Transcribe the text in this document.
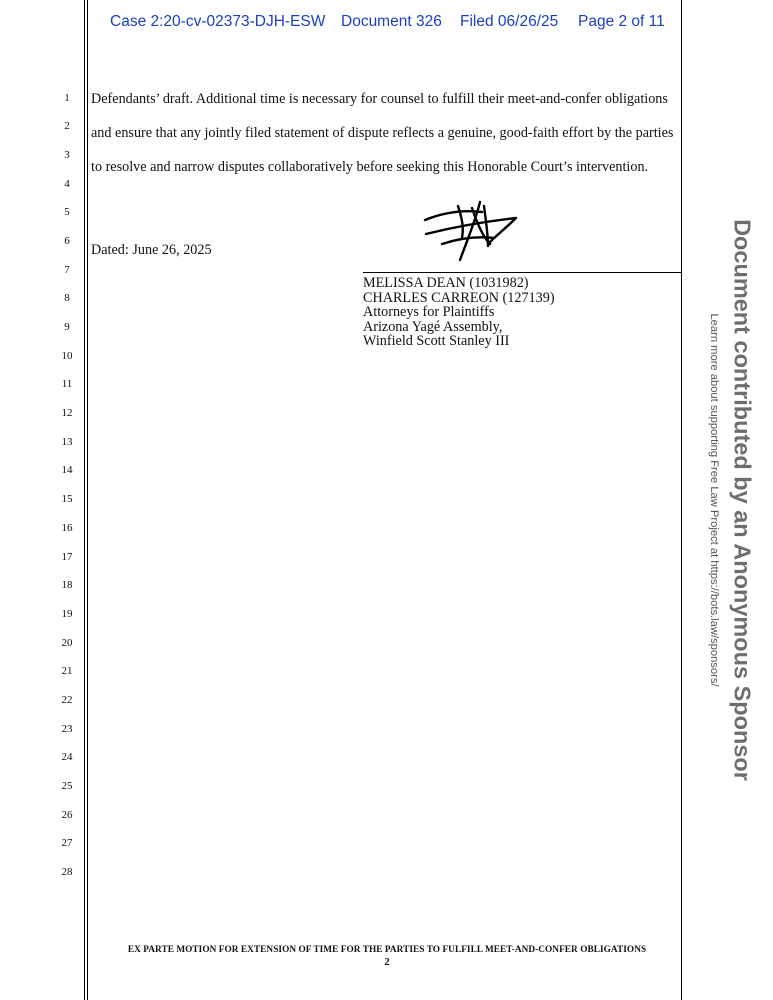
Case 2:20-cv-02373-DJH-ESW Document 326 Filed 06/26/25 Page 2 of 11
1
2
3
4
5
6
7
8
9
10
11
12
13
14
15
16
17
18
19
20
21
22
23
24
25
26
27
28
Defendants’ draft. Additional time is necessary for counsel to fulfill their meet-and-confer obligations
and ensure that any jointly filed statement of dispute reflects a genuine, good-faith effort by the parties
to resolve and narrow disputes collaboratively before seeking this Honorable Court’s intervention.
Dated: June 26, 2025
MELISSA DEAN (1031982)
CHARLES CARREON (127139)
Attorneys for Plaintiffs
Arizona Yagé Assembly,
Winfield Scott Stanley III
EX PARTE MOTION FOR EXTENSION OF TIME FOR THE PARTIES TO FULFILL MEET-AND-CONFER OBLIGATIONS
2
Document contributed by an Anonymous Sponsor
Learn more about supporting Free Law Project at https://bots.law/sponsors/
